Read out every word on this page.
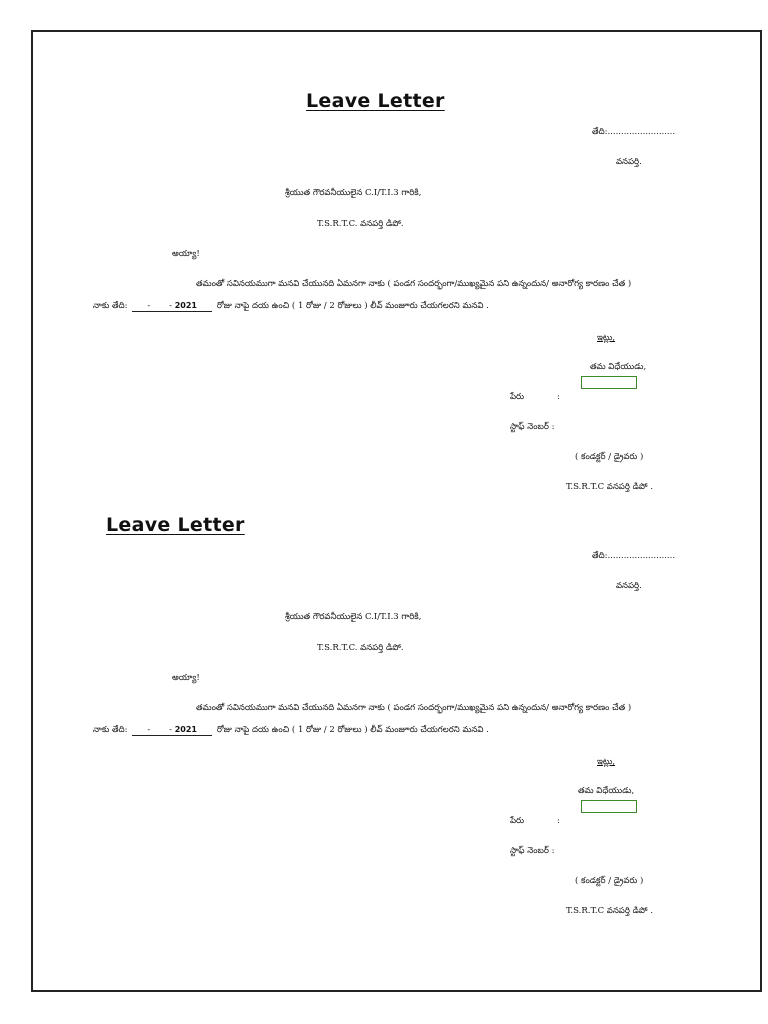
Leave Letter
తేది:.........................
వనపర్తి.
శ్రీయుత గౌరవనీయులైన C.I/T.I.3 గారికి,
T.S.R.T.C. వనపర్తి డిపో.
అయ్యా!
తమంతో సవినయముగా మనవి చేయునది ఏమనగా నాకు ( పండగ సందర్భంగా/ముఖ్యమైన పని ఉన్నందున/ అనారోగ్య కారణం చేత )
నాకు తేది: - - 2021 రోజు నాపై దయ ఉంచి ( 1 రోజు / 2 రోజులు ) లీవ్ మంజూరు చేయగలరని మనవి .
ఇట్లు,
తమ విధేయుడు,
పేరు	:
స్టాఫ్ నెంబర్ :
( కండక్టర్ / డ్రైవరు )
T.S.R.T.C వనపర్తి డిపో .
Leave Letter
తేది:.........................
వనపర్తి.
శ్రీయుత గౌరవనీయులైన C.I/T.I.3 గారికి,
T.S.R.T.C. వనపర్తి డిపో.
అయ్యా!
తమంతో సవినయముగా మనవి చేయునది ఏమనగా నాకు ( పండగ సందర్భంగా/ముఖ్యమైన పని ఉన్నందున/ అనారోగ్య కారణం చేత )
నాకు తేది: - - 2021 రోజు నాపై దయ ఉంచి ( 1 రోజు / 2 రోజులు ) లీవ్ మంజూరు చేయగలరని మనవి .
ఇట్లు,
తమ విధేయుడు,
పేరు	:
స్టాఫ్ నెంబర్ :
( కండక్టర్ / డ్రైవరు )
T.S.R.T.C వనపర్తి డిపో .
